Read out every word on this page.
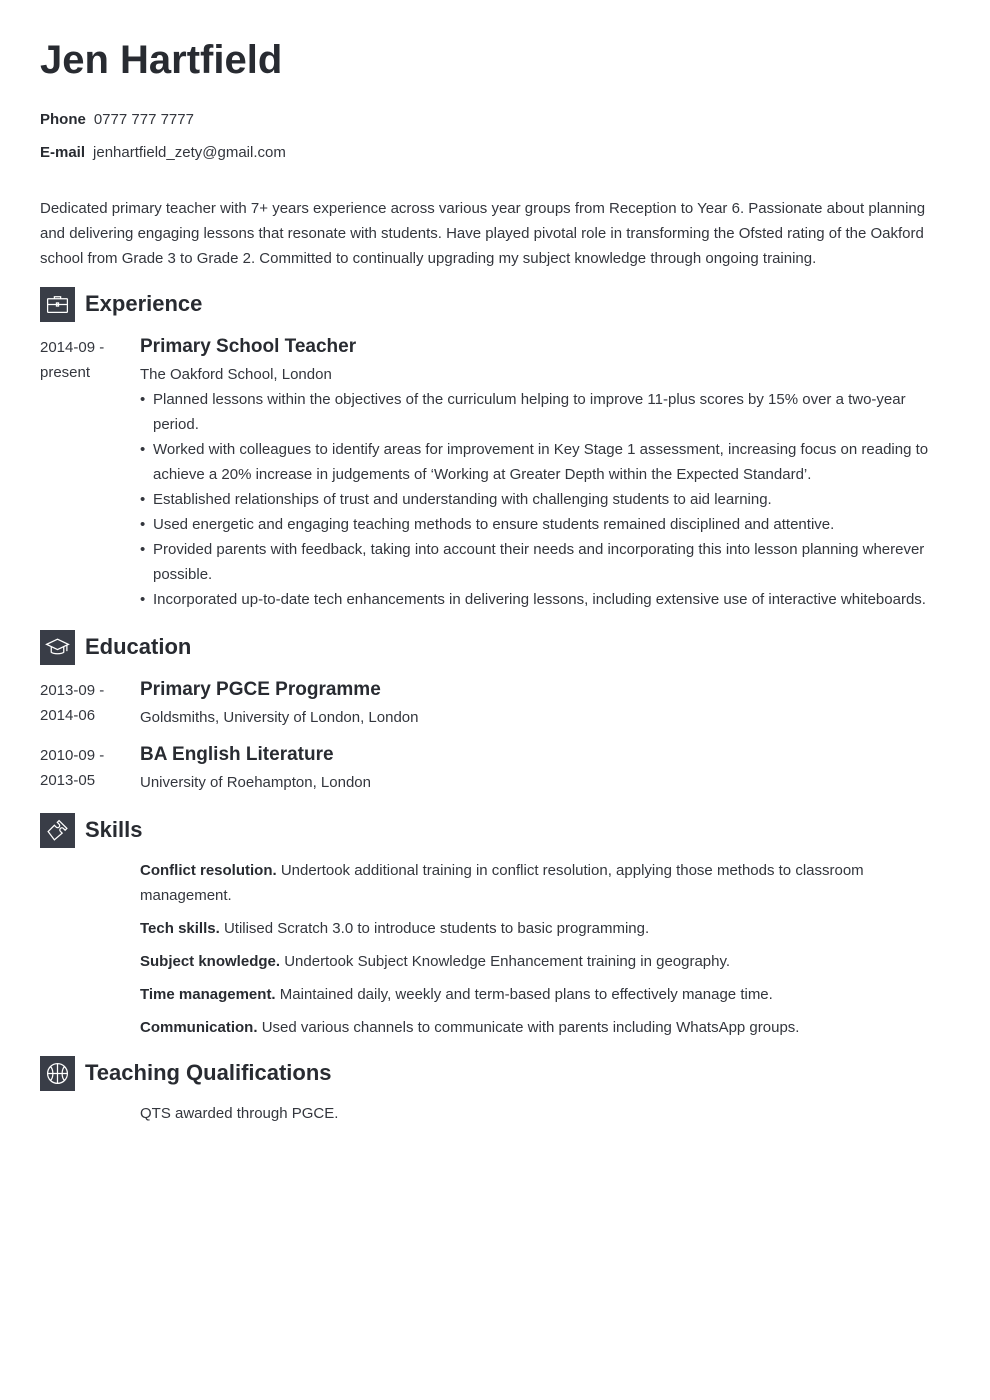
Jen Hartfield
Phone 0777 777 7777
E-mail jenhartfield_zety@gmail.com

Dedicated primary teacher with 7+ years experience across various year groups from Reception to Year 6. Passionate about planning and delivering engaging lessons that resonate with students. Have played pivotal role in transforming the Ofsted rating of the Oakford school from Grade 3 to Grade 2. Committed to continually upgrading my subject knowledge through ongoing training.

Experience
2014-09 -
present
Primary School Teacher
The Oakford School, London
• Planned lessons within the objectives of the curriculum helping to improve 11-plus scores by 15% over a two-year period.
• Worked with colleagues to identify areas for improvement in Key Stage 1 assessment, increasing focus on reading to achieve a 20% increase in judgements of ‘Working at Greater Depth within the Expected Standard’.
• Established relationships of trust and understanding with challenging students to aid learning.
• Used energetic and engaging teaching methods to ensure students remained disciplined and attentive.
• Provided parents with feedback, taking into account their needs and incorporating this into lesson planning wherever possible.
• Incorporated up-to-date tech enhancements in delivering lessons, including extensive use of interactive whiteboards.
Education
2013-09 -
2014-06
Primary PGCE Programme
Goldsmiths, University of London, London
2010-09 -
2013-05
BA English Literature
University of Roehampton, London
Skills
Conflict resolution. Undertook additional training in conflict resolution, applying those methods to classroom management.
Tech skills. Utilised Scratch 3.0 to introduce students to basic programming.
Subject knowledge. Undertook Subject Knowledge Enhancement training in geography.
Time management. Maintained daily, weekly and term-based plans to effectively manage time.
Communication. Used various channels to communicate with parents including WhatsApp groups.
Teaching Qualifications
QTS awarded through PGCE.
